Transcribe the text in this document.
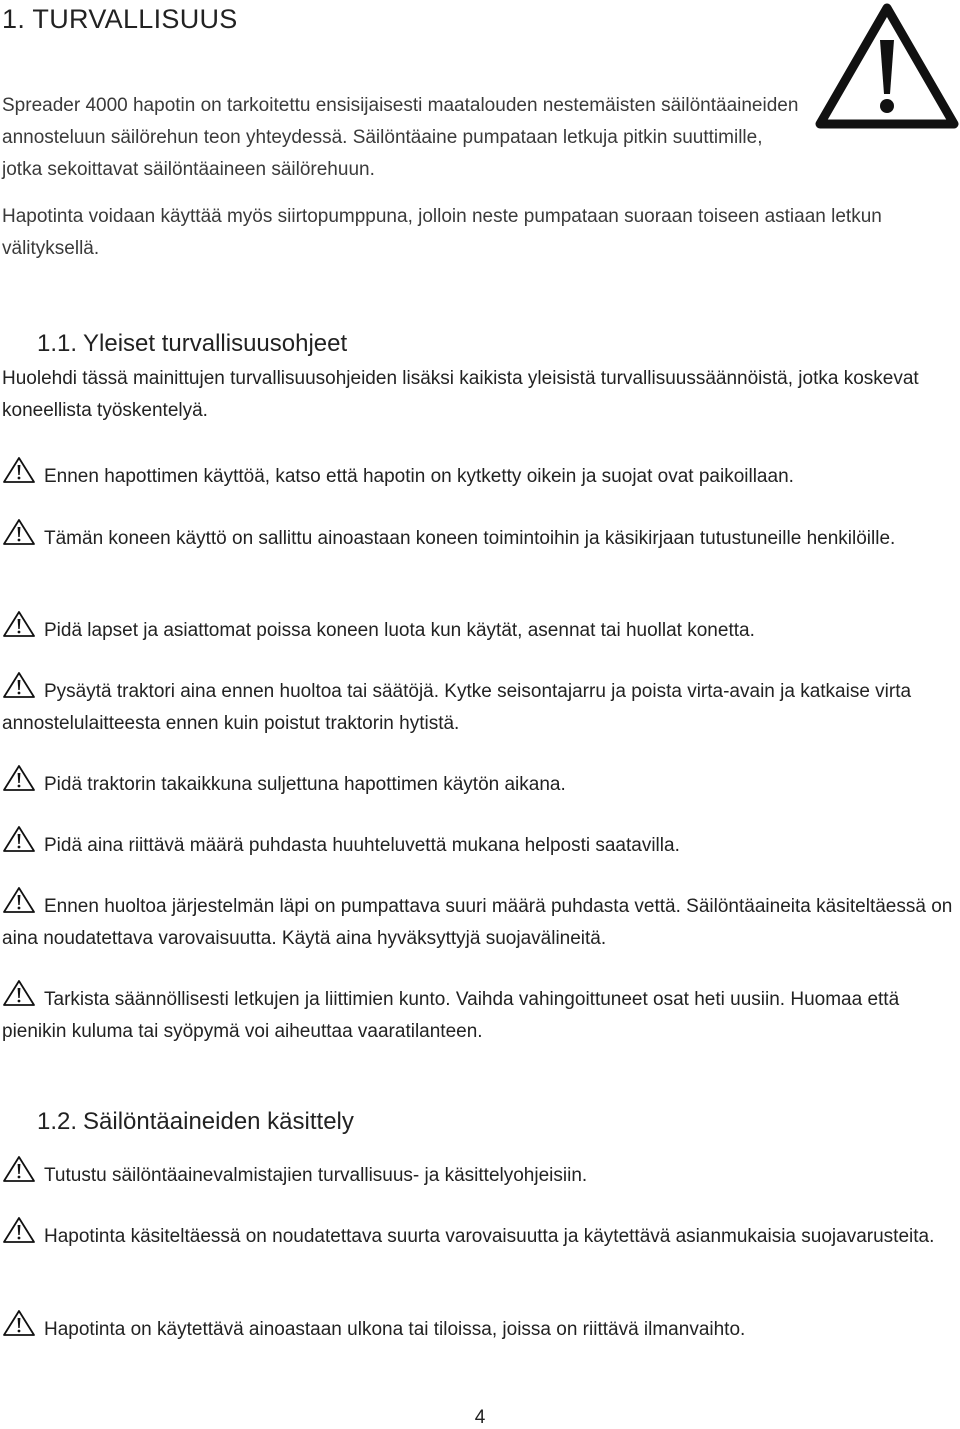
1. TURVALLISUUS

Spreader 4000 hapotin on tarkoitettu ensisijaisesti maatalouden nestemäisten säilöntäaineiden annosteluun säilörehun teon yhteydessä. Säilöntäaine pumpataan letkuja pitkin suuttimille, jotka sekoittavat säilöntäaineen säilörehuun.

Hapotinta voidaan käyttää myös siirtopumppuna, jolloin neste pumpataan suoraan toiseen astiaan letkun välityksellä.

1.1. Yleiset turvallisuusohjeet

Huolehdi tässä mainittujen turvallisuusohjeiden lisäksi kaikista yleisistä turvallisuussäännöistä, jotka koskevat koneellista työskentelyä.

Ennen hapottimen käyttöä, katso että hapotin on kytketty oikein ja suojat ovat paikoillaan.

Tämän koneen käyttö on sallittu ainoastaan koneen toimintoihin ja käsikirjaan tutustuneille henkilöille.

Pidä lapset ja asiattomat poissa koneen luota kun käytät, asennat tai huollat konetta.

Pysäytä traktori aina ennen huoltoa tai säätöjä. Kytke seisontajarru ja poista virta-avain ja katkaise virta annostelulaitteesta ennen kuin poistut traktorin hytistä.

Pidä traktorin takaikkuna suljettuna hapottimen käytön aikana.

Pidä aina riittävä määrä puhdasta huuhteluvettä mukana helposti saatavilla.

Ennen huoltoa järjestelmän läpi on pumpattava suuri määrä puhdasta vettä. Säilöntäaineita käsiteltäessä on aina noudatettava varovaisuutta. Käytä aina hyväksyttyjä suojavälineitä.

Tarkista säännöllisesti letkujen ja liittimien kunto. Vaihda vahingoittuneet osat heti uusiin. Huomaa että pienikin kuluma tai syöpymä voi aiheuttaa vaaratilanteen.

1.2. Säilöntäaineiden käsittely

Tutustu säilöntäainevalmistajien turvallisuus- ja käsittelyohjeisiin.

Hapotinta käsiteltäessä on noudatettava suurta varovaisuutta ja käytettävä asianmukaisia suojavarusteita.

Hapotinta on käytettävä ainoastaan ulkona tai tiloissa, joissa on riittävä ilmanvaihto.

4
